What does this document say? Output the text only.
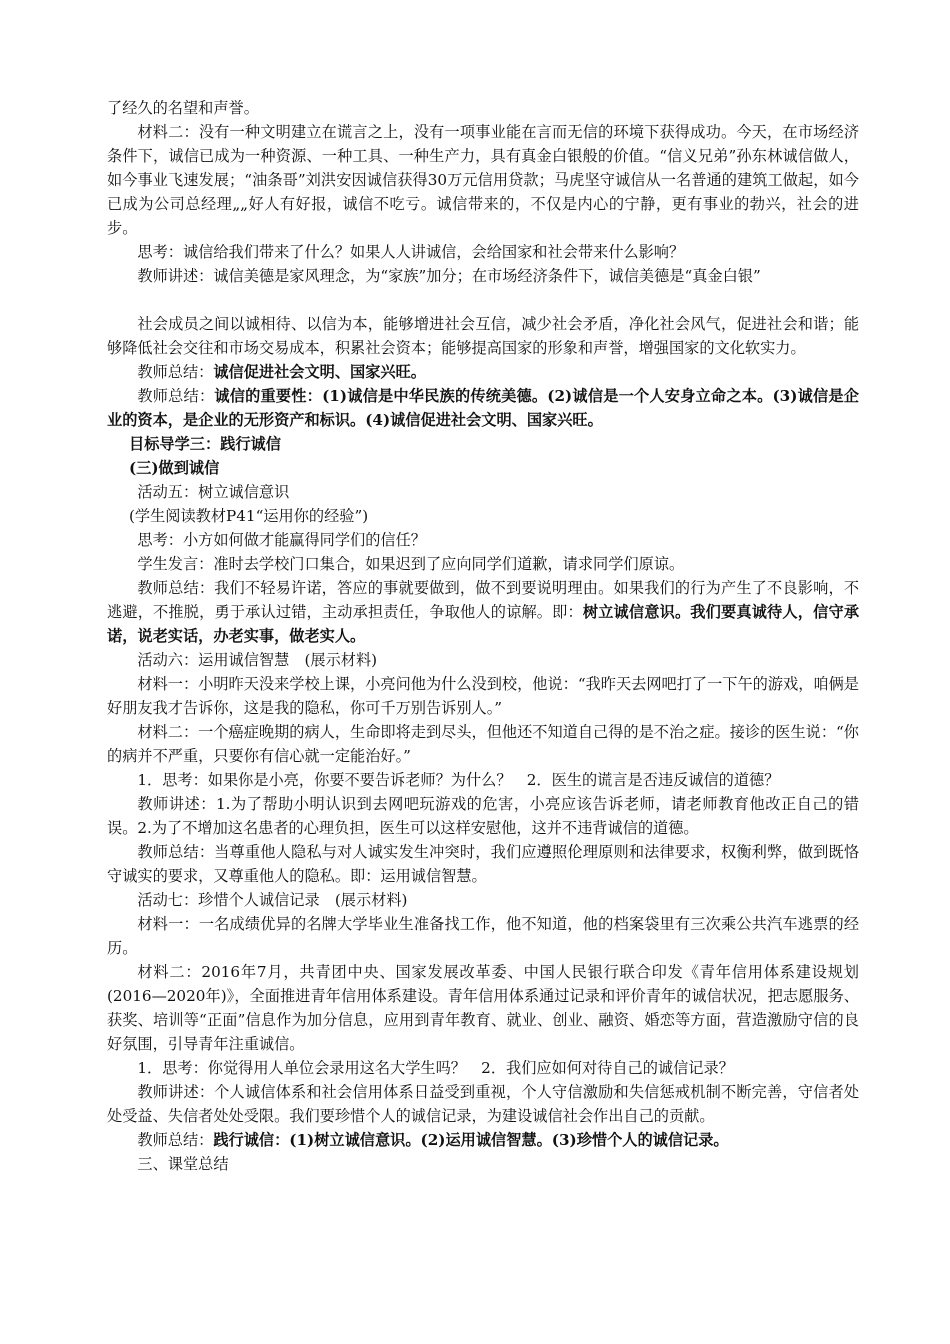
了经久的名望和声誉。

材料二：没有一种文明建立在谎言之上，没有一项事业能在言而无信的环境下获得成功。今天，在市场经济条件下，诚信已成为一种资源、一种工具、一种生产力，具有真金白银般的价值。“信义兄弟”孙东林诚信做人，如今事业飞速发展；“油条哥”刘洪安因诚信获得30万元信用贷款；马虎坚守诚信从一名普通的建筑工做起，如今已成为公司总经理„„好人有好报，诚信不吃亏。诚信带来的，不仅是内心的宁静，更有事业的勃兴，社会的进步。

思考：诚信给我们带来了什么？如果人人讲诚信，会给国家和社会带来什么影响？

教师讲述：诚信美德是家风理念，为“家族”加分；在市场经济条件下，诚信美德是“真金白银”

社会成员之间以诚相待、以信为本，能够增进社会互信，减少社会矛盾，净化社会风气，促进社会和谐；能够降低社会交往和市场交易成本，积累社会资本；能够提高国家的形象和声誉，增强国家的文化软实力。

教师总结：诚信促进社会文明、国家兴旺。

教师总结：诚信的重要性：(1)诚信是中华民族的传统美德。(2)诚信是一个人安身立命之本。(3)诚信是企业的资本，是企业的无形资产和标识。(4)诚信促进社会文明、国家兴旺。

目标导学三：践行诚信

(三)做到诚信

活动五：树立诚信意识

(学生阅读教材P41“运用你的经验”)

思考：小方如何做才能赢得同学们的信任？

学生发言：准时去学校门口集合，如果迟到了应向同学们道歉，请求同学们原谅。

教师总结：我们不轻易许诺，答应的事就要做到，做不到要说明理由。如果我们的行为产生了不良影响，不逃避，不推脱，勇于承认过错，主动承担责任，争取他人的谅解。即：树立诚信意识。我们要真诚待人，信守承诺，说老实话，办老实事，做老实人。

活动六：运用诚信智慧　(展示材料)

材料一：小明昨天没来学校上课，小亮问他为什么没到校，他说：“我昨天去网吧打了一下午的游戏，咱俩是好朋友我才告诉你，这是我的隐私，你可千万别告诉别人。”

材料二：一个癌症晚期的病人，生命即将走到尽头，但他还不知道自己得的是不治之症。接诊的医生说：“你的病并不严重，只要你有信心就一定能治好。”

1．思考：如果你是小亮，你要不要告诉老师？为什么？　2．医生的谎言是否违反诚信的道德？

教师讲述：1.为了帮助小明认识到去网吧玩游戏的危害，小亮应该告诉老师，请老师教育他改正自己的错误。2.为了不增加这名患者的心理负担，医生可以这样安慰他，这并不违背诚信的道德。

教师总结：当尊重他人隐私与对人诚实发生冲突时，我们应遵照伦理原则和法律要求，权衡利弊，做到既恪守诚实的要求，又尊重他人的隐私。即：运用诚信智慧。

活动七：珍惜个人诚信记录　(展示材料)

材料一：一名成绩优异的名牌大学毕业生准备找工作，他不知道，他的档案袋里有三次乘公共汽车逃票的经历。

材料二：2016年7月，共青团中央、国家发展改革委、中国人民银行联合印发《青年信用体系建设规划(2016—2020年)》，全面推进青年信用体系建设。青年信用体系通过记录和评价青年的诚信状况，把志愿服务、获奖、培训等“正面”信息作为加分信息，应用到青年教育、就业、创业、融资、婚恋等方面，营造激励守信的良好氛围，引导青年注重诚信。

1．思考：你觉得用人单位会录用这名大学生吗？　2．我们应如何对待自己的诚信记录？

教师讲述：个人诚信体系和社会信用体系日益受到重视，个人守信激励和失信惩戒机制不断完善，守信者处处受益、失信者处处受限。我们要珍惜个人的诚信记录，为建设诚信社会作出自己的贡献。

教师总结：践行诚信：(1)树立诚信意识。(2)运用诚信智慧。(3)珍惜个人的诚信记录。

三、课堂总结
